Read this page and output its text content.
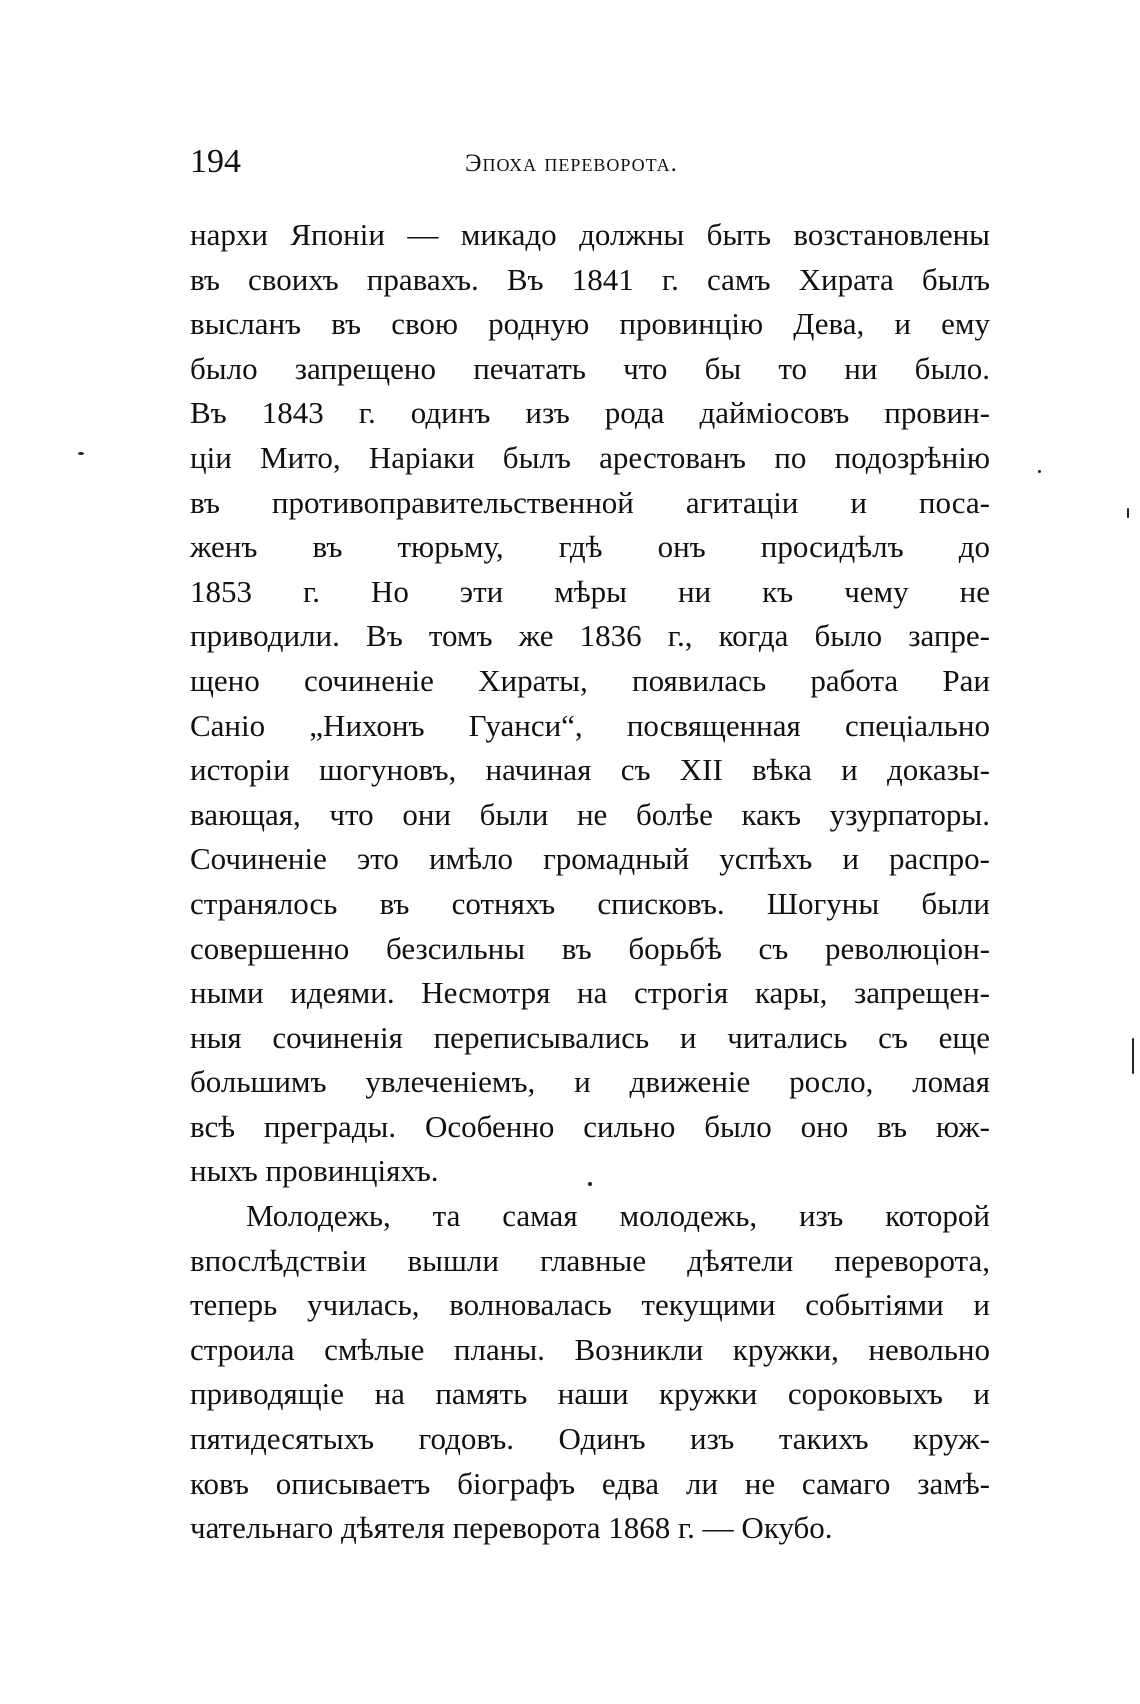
194	Эпоха переворота.
нархи Японіи — микадо должны быть возстановлены
въ своихъ правахъ. Въ 1841 г. самъ Хирата былъ
высланъ въ свою родную провинцію Дева, и ему
было запрещено печатать что бы то ни было.
Въ 1843 г. одинъ изъ рода даймiосовъ провин-
ціи Мито, Наріаки былъ арестованъ по подозрѣнію
въ противоправительственной агитаціи и поса-
женъ въ тюрьму, гдѣ онъ просидѣлъ до
1853 г. Но эти мѣры ни къ чему не
приводили. Въ томъ же 1836 г., когда было запре-
щено сочиненіе Хираты, появилась работа Раи
Саніо „Нихонъ Гуанси“, посвященная спеціально
исторіи шогуновъ, начиная съ XII вѣка и доказы-
вающая, что они были не болѣе какъ узурпаторы.
Сочиненіе это имѣло громадный успѣхъ и распро-
странялось въ сотняхъ списковъ. Шогуны были
совершенно безсильны въ борьбѣ съ революціон-
ными идеями. Несмотря на строгія кары, запрещен-
ныя сочиненія переписывались и читались съ еще
большимъ увлеченіемъ, и движеніе росло, ломая
всѣ преграды. Особенно сильно было оно въ юж-
ныхъ провинціяхъ.
Молодежь, та самая молодежь, изъ которой
впослѣдствіи вышли главные дѣятели переворота,
теперь училась, волновалась текущими событіями и
строила смѣлые планы. Возникли кружки, невольно
приводящіе на память наши кружки сороковыхъ и
пятидесятыхъ годовъ. Одинъ изъ такихъ круж-
ковъ описываетъ біографъ едва ли не самаго замѣ-
чательнаго дѣятеля переворота 1868 г. — Окубо.
